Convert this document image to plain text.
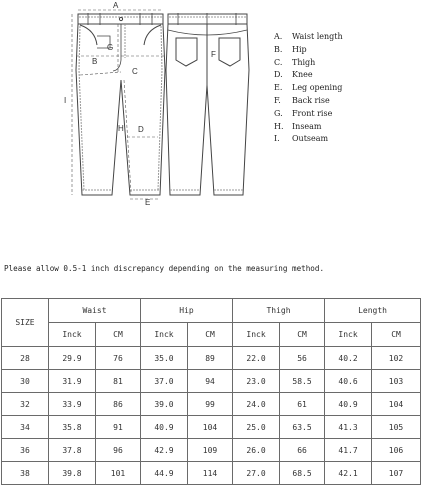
A
B
C
D
E
G
H
I
F
A. Waist length
B. Hip
C. Thigh
D. Knee
E. Leg opening
F. Back rise
G. Front rise
H. Inseam
I. Outseam
Please allow 0.5-1 inch discrepancy depending on the measuring method.
SIZE	Waist		Hip		Thigh		Length	
	Inck	CM	Inck	CM	Inck	CM	Inck	CM
28	29.9	76	35.0	89	22.0	56	40.2	102
30	31.9	81	37.0	94	23.0	58.5	40.6	103
32	33.9	86	39.0	99	24.0	61	40.9	104
34	35.8	91	40.9	104	25.0	63.5	41.3	105
36	37.8	96	42.9	109	26.0	66	41.7	106
38	39.8	101	44.9	114	27.0	68.5	42.1	107
